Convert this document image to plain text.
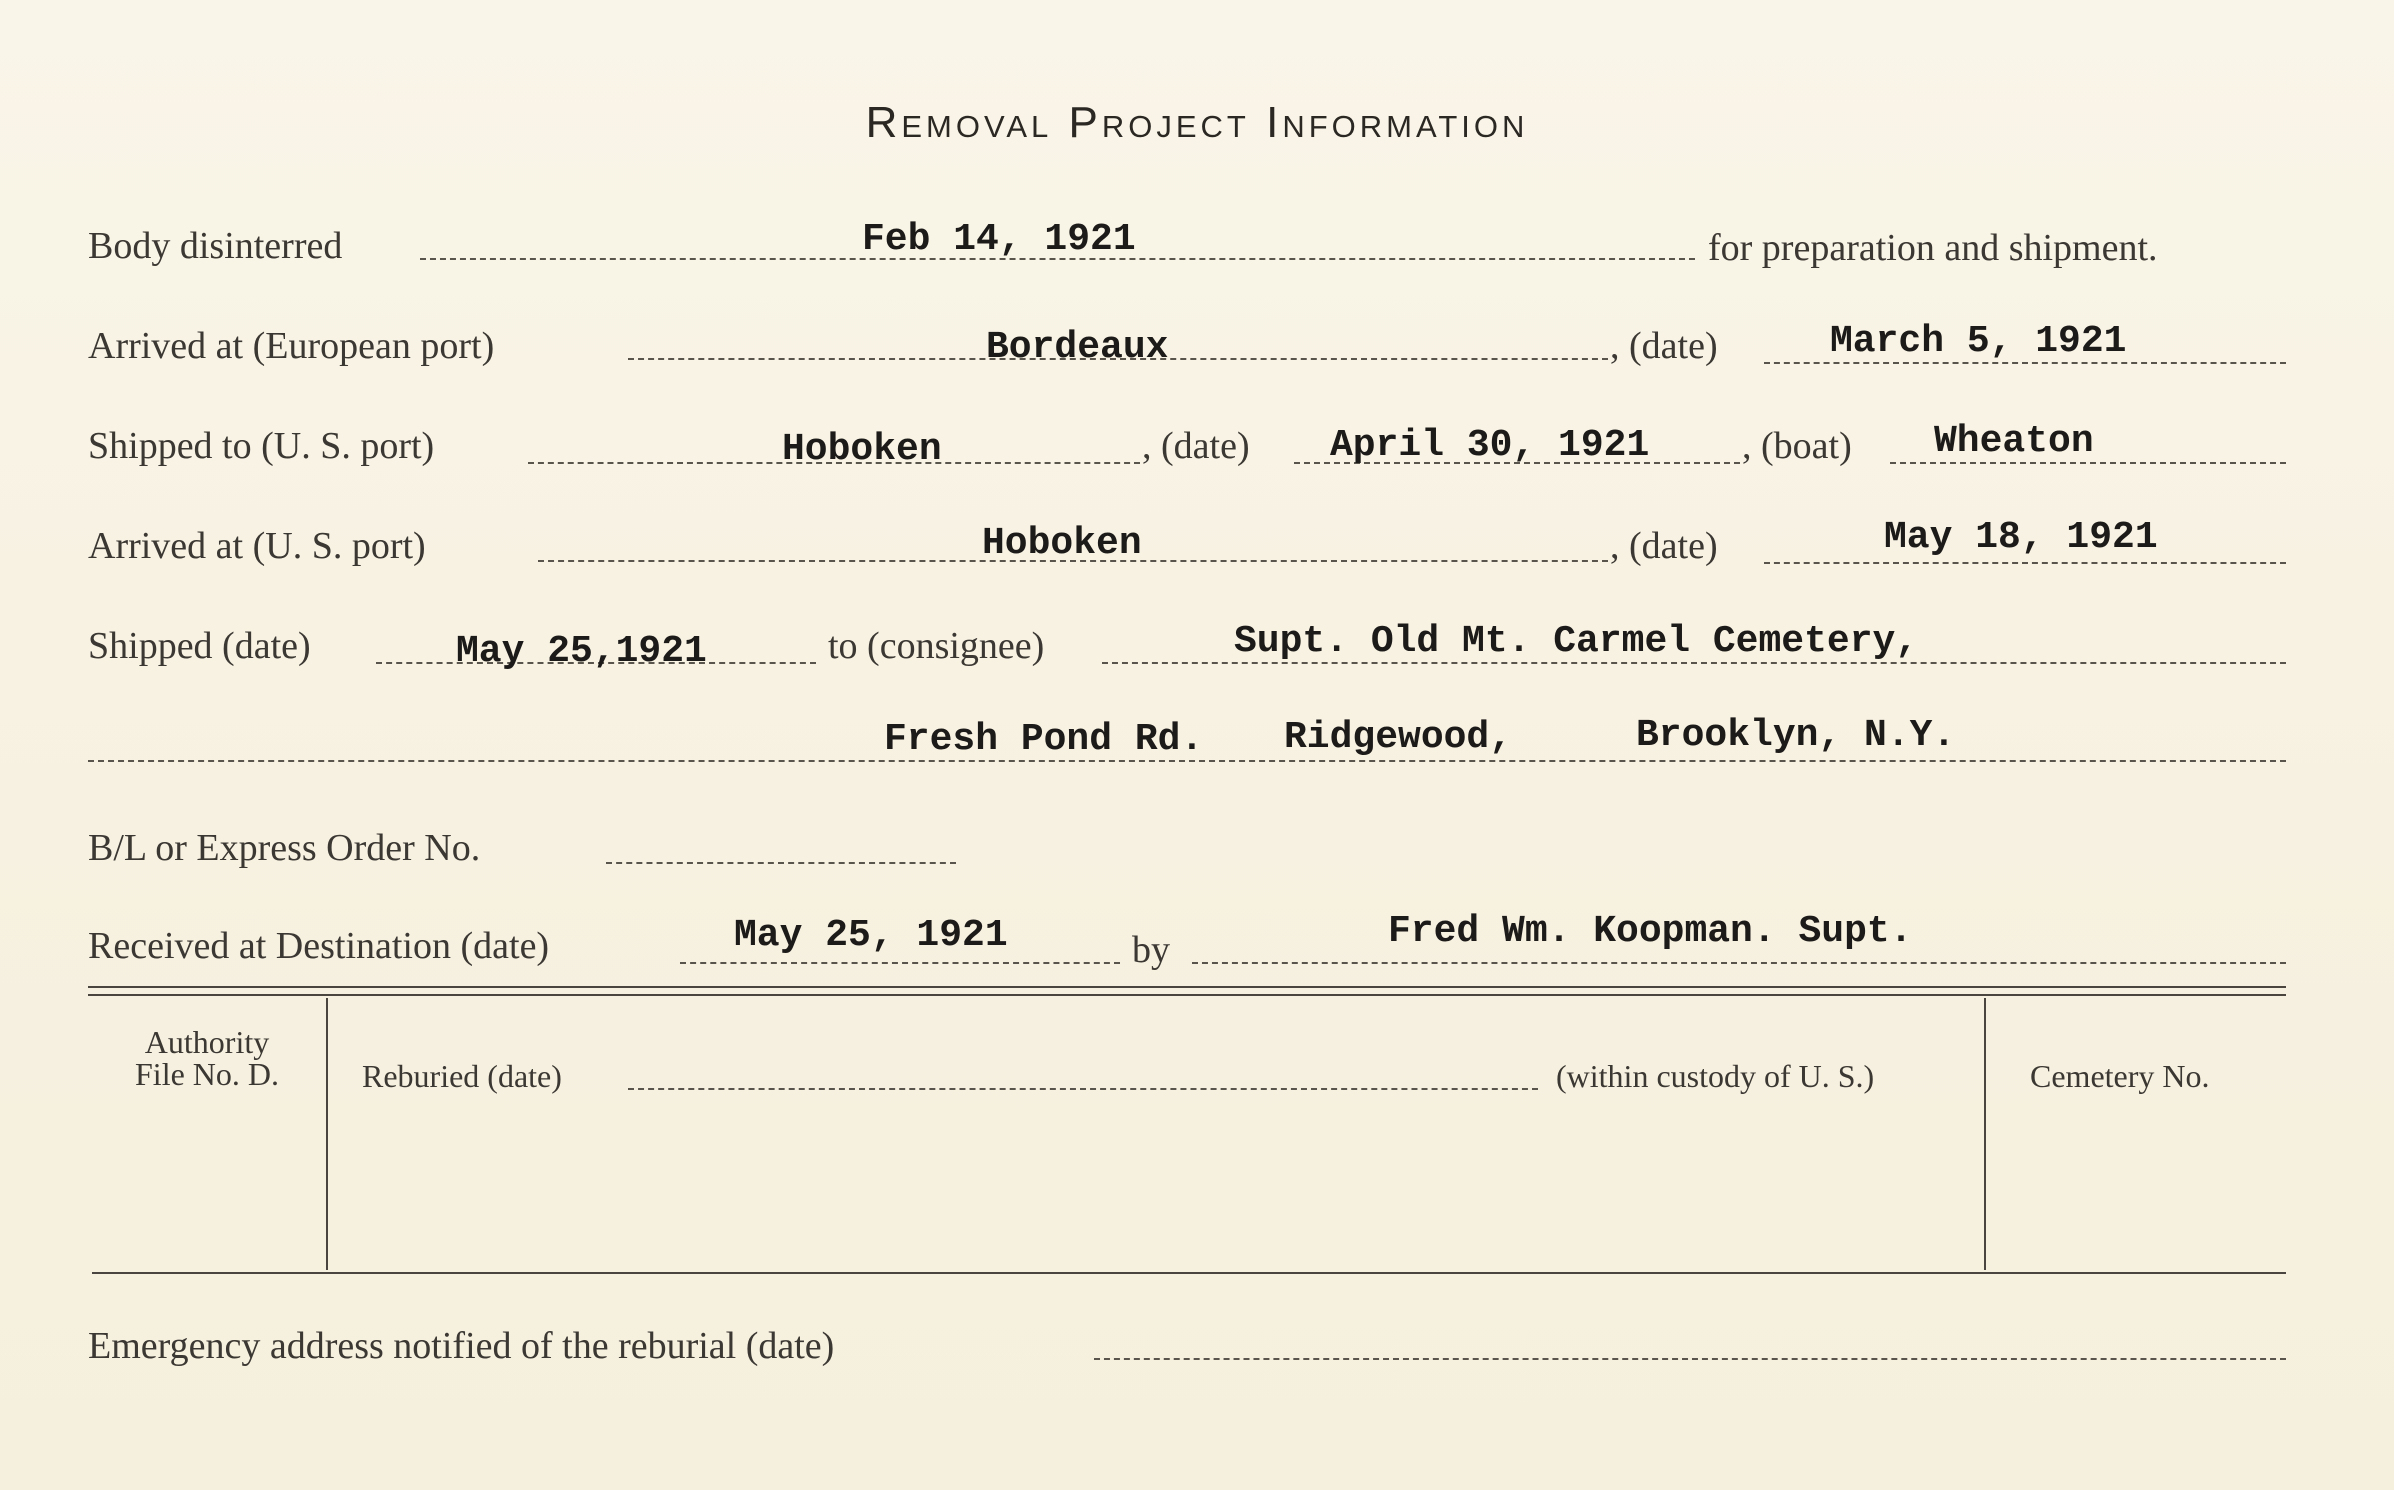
Removal Project Information
Body disinterred	Feb 14, 1921	for preparation and shipment.
Arrived at (European port)	Bordeaux	, (date)	March 5, 1921
Shipped to (U. S. port)	Hoboken	, (date) April 30, 1921 , (boat) Wheaton
Arrived at (U. S. port)	Hoboken	, (date)	May 18, 1921
Shipped (date)	May 25,1921	to (consignee)	Supt. Old Mt. Carmel Cemetery,
Fresh Pond Rd. Ridgewood,	Brooklyn, N.Y.
B/L or Express Order No.
Received at Destination (date)	May 25, 1921	by	Fred Wm. Koopman. Supt.
Authority
File No. D.	Reburied (date)	(within custody of U. S.)	Cemetery No.
Emergency address notified of the reburial (date)
